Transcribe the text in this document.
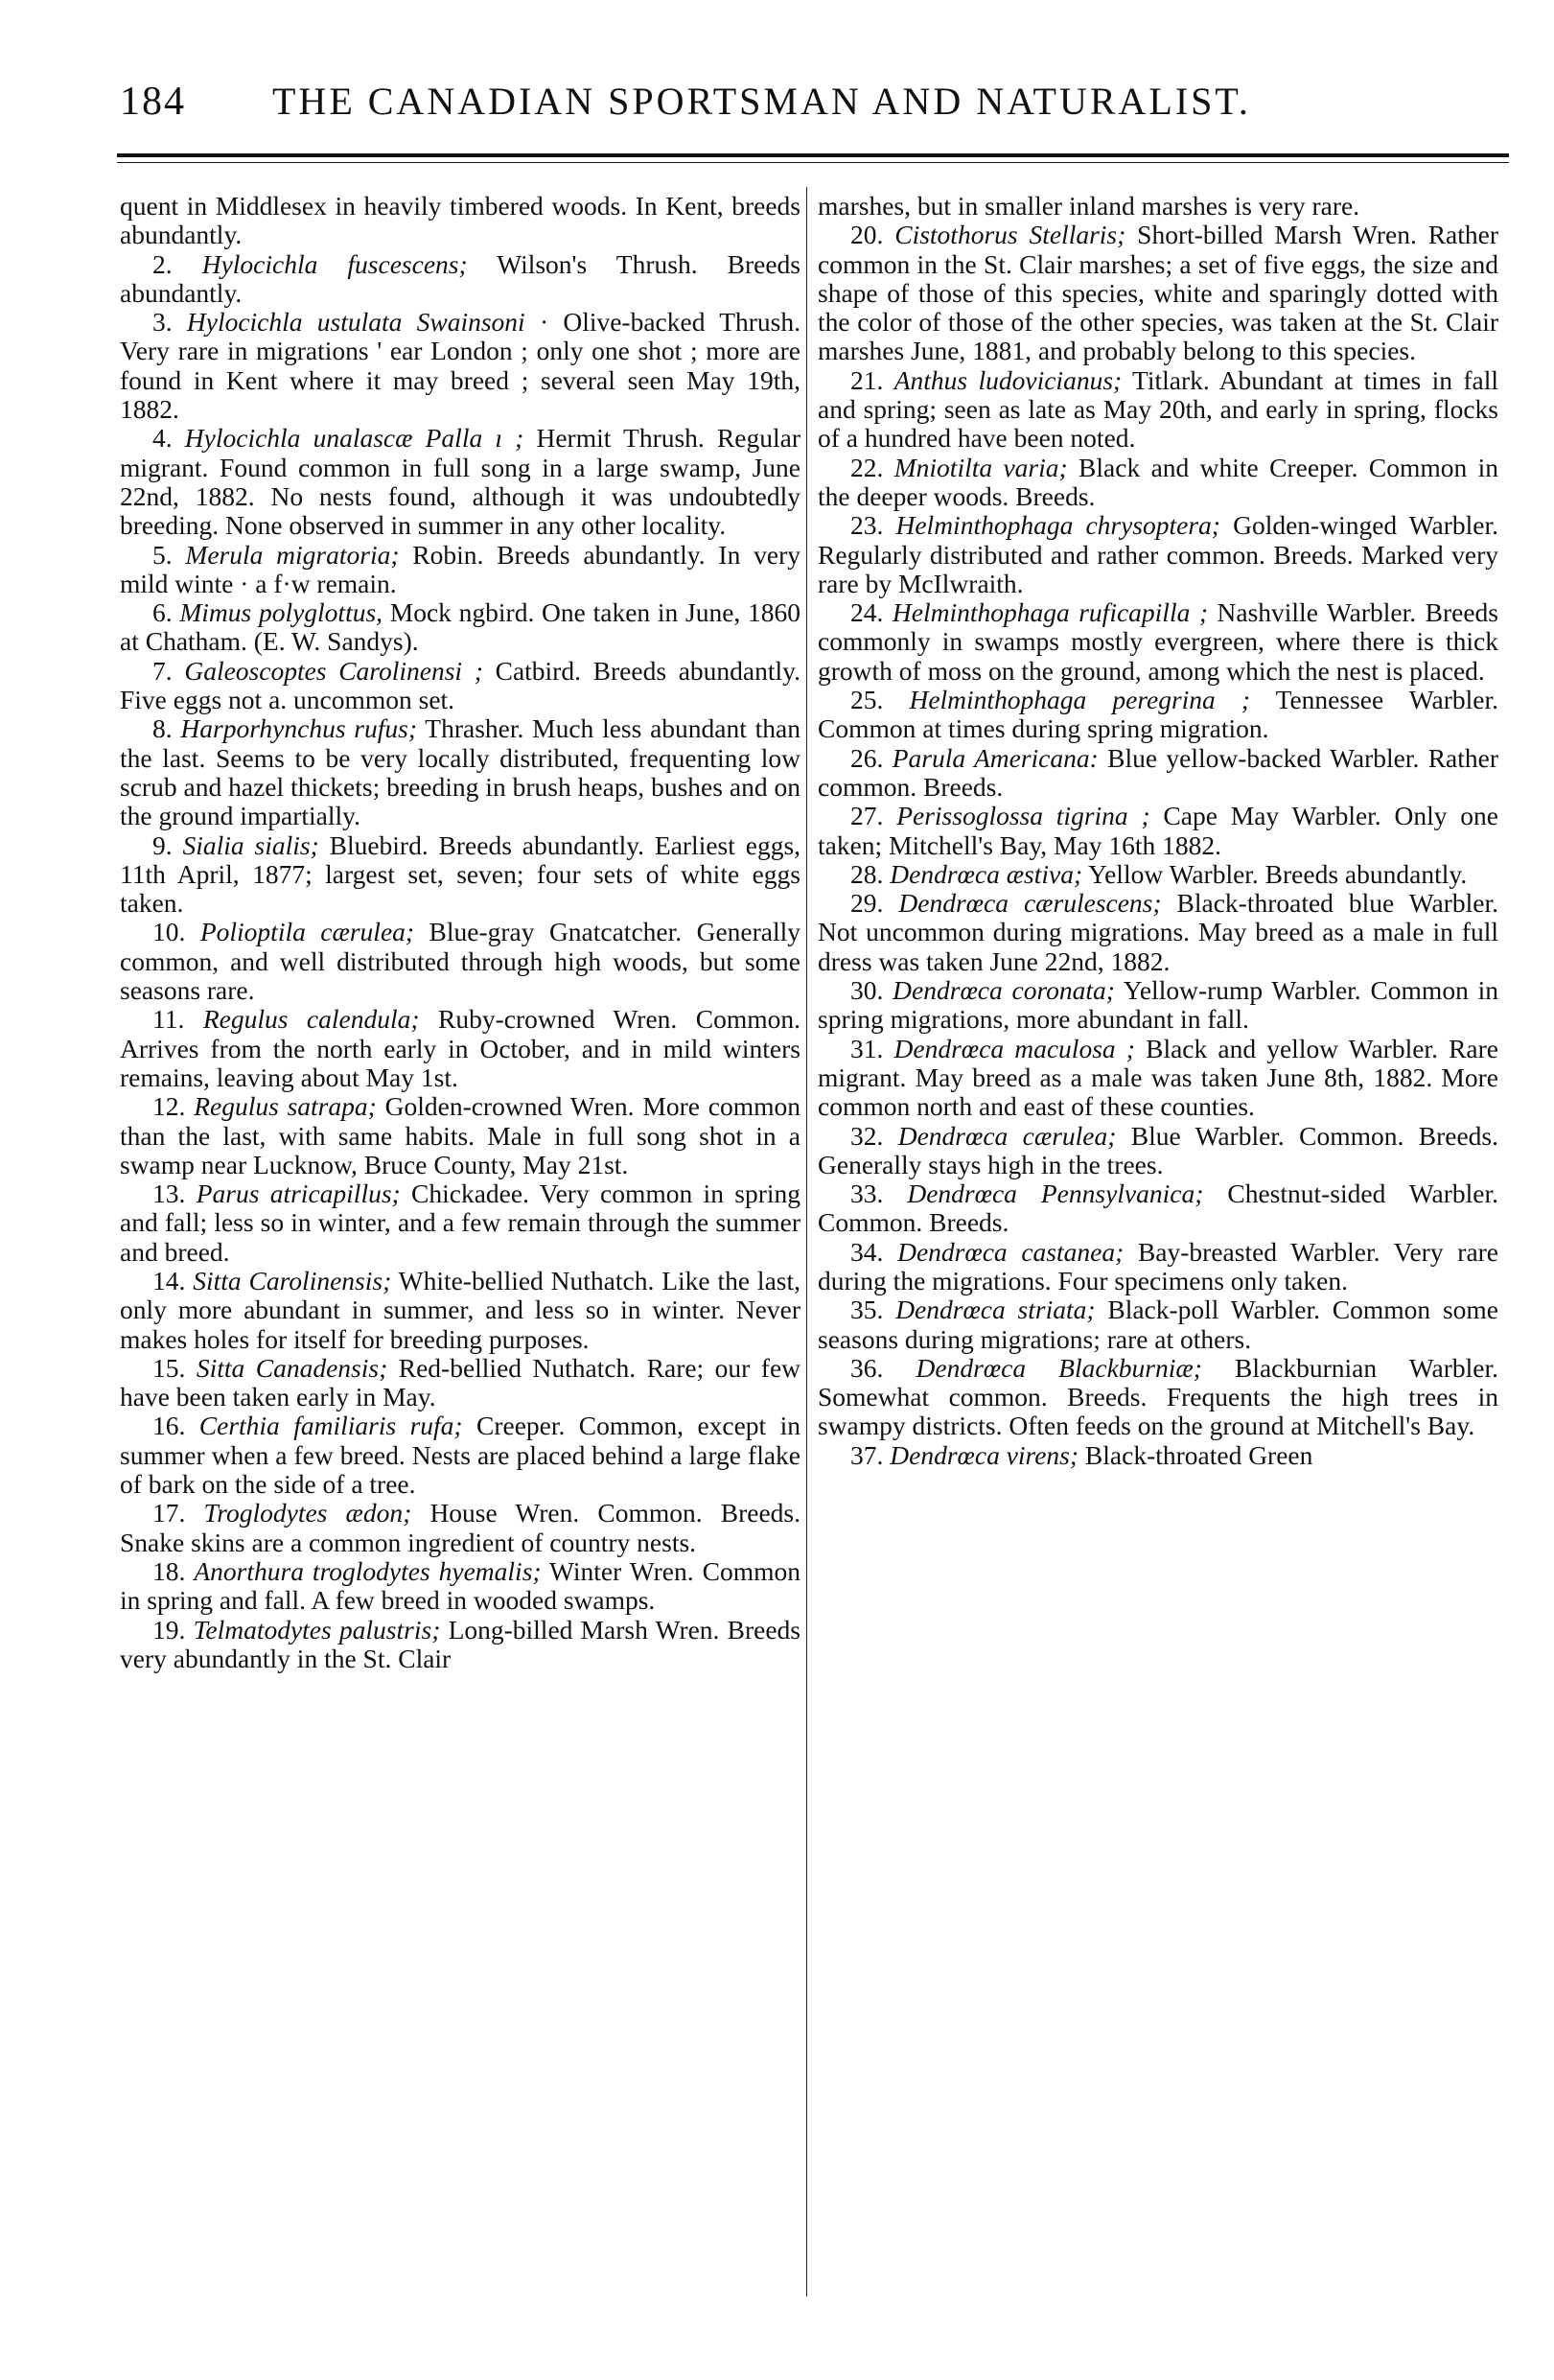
184 THE CANADIAN SPORTSMAN AND NATURALIST.

quent in Middlesex in heavily timbered woods. In Kent, breeds abundantly.

2. Hylocichla fuscescens; Wilson's Thrush. Breeds abundantly.

3. Hylocichla ustulata Swainsoni · Olive-backed Thrush. Very rare in migrations ' ear London ; only one shot ; more are found in Kent where it may breed ; several seen May 19th, 1882.

4. Hylocichla unalascæ Palla ı ; Hermit Thrush. Regular migrant. Found common in full song in a large swamp, June 22nd, 1882. No nests found, although it was undoubtedly breeding. None observed in summer in any other locality.

5. Merula migratoria; Robin. Breeds abundantly. In very mild winte · a f·w remain.

6. Mimus polyglottus, Mock ngbird. One taken in June, 1860 at Chatham. (E. W. Sandys).

7. Galeoscoptes Carolinensi ; Catbird. Breeds abundantly. Five eggs not a. uncommon set.

8. Harporhynchus rufus; Thrasher. Much less abundant than the last. Seems to be very locally distributed, frequenting low scrub and hazel thickets; breeding in brush heaps, bushes and on the ground impartially.

9. Sialia sialis; Bluebird. Breeds abundantly. Earliest eggs, 11th April, 1877; largest set, seven; four sets of white eggs taken.

10. Polioptila cærulea; Blue-gray Gnatcatcher. Generally common, and well distributed through high woods, but some seasons rare.

11. Regulus calendula; Ruby-crowned Wren. Common. Arrives from the north early in October, and in mild winters remains, leaving about May 1st.

12. Regulus satrapa; Golden-crowned Wren. More common than the last, with same habits. Male in full song shot in a swamp near Lucknow, Bruce County, May 21st.

13. Parus atricapillus; Chickadee. Very common in spring and fall; less so in winter, and a few remain through the summer and breed.

14. Sitta Carolinensis; White-bellied Nuthatch. Like the last, only more abundant in summer, and less so in winter. Never makes holes for itself for breeding purposes.

15. Sitta Canadensis; Red-bellied Nuthatch. Rare; our few have been taken early in May.

16. Certhia familiaris rufa; Creeper. Common, except in summer when a few breed. Nests are placed behind a large flake of bark on the side of a tree.

17. Troglodytes ædon; House Wren. Common. Breeds. Snake skins are a common ingredient of country nests.

18. Anorthura troglodytes hyemalis; Winter Wren. Common in spring and fall. A few breed in wooded swamps.

19. Telmatodytes palustris; Long-billed Marsh Wren. Breeds very abundantly in the St. Clair

marshes, but in smaller inland marshes is very rare.

20. Cistothorus Stellaris; Short-billed Marsh Wren. Rather common in the St. Clair marshes; a set of five eggs, the size and shape of those of this species, white and sparingly dotted with the color of those of the other species, was taken at the St. Clair marshes June, 1881, and probably belong to this species.

21. Anthus ludovicianus; Titlark. Abundant at times in fall and spring; seen as late as May 20th, and early in spring, flocks of a hundred have been noted.

22. Mniotilta varia; Black and white Creeper. Common in the deeper woods. Breeds.

23. Helminthophaga chrysoptera; Golden-winged Warbler. Regularly distributed and rather common. Breeds. Marked very rare by McIlwraith.

24. Helminthophaga ruficapilla ; Nashville Warbler. Breeds commonly in swamps mostly evergreen, where there is thick growth of moss on the ground, among which the nest is placed.

25. Helminthophaga peregrina ; Tennessee Warbler. Common at times during spring migration.

26. Parula Americana: Blue yellow-backed Warbler. Rather common. Breeds.

27. Perissoglossa tigrina ; Cape May Warbler. Only one taken; Mitchell's Bay, May 16th 1882.

28. Dendrœca æstiva; Yellow Warbler. Breeds abundantly.

29. Dendrœca cærulescens; Black-throated blue Warbler. Not uncommon during migrations. May breed as a male in full dress was taken June 22nd, 1882.

30. Dendrœca coronata; Yellow-rump Warbler. Common in spring migrations, more abundant in fall.

31. Dendrœca maculosa ; Black and yellow Warbler. Rare migrant. May breed as a male was taken June 8th, 1882. More common north and east of these counties.

32. Dendrœca cærulea; Blue Warbler. Common. Breeds. Generally stays high in the trees.

33. Dendrœca Pennsylvanica; Chestnut-sided Warbler. Common. Breeds.

34. Dendrœca castanea; Bay-breasted Warbler. Very rare during the migrations. Four specimens only taken.

35. Dendrœca striata; Black-poll Warbler. Common some seasons during migrations; rare at others.

36. Dendrœca Blackburniæ; Blackburnian Warbler. Somewhat common. Breeds. Frequents the high trees in swampy districts. Often feeds on the ground at Mitchell's Bay.

37. Dendrœca virens; Black-throated Green
